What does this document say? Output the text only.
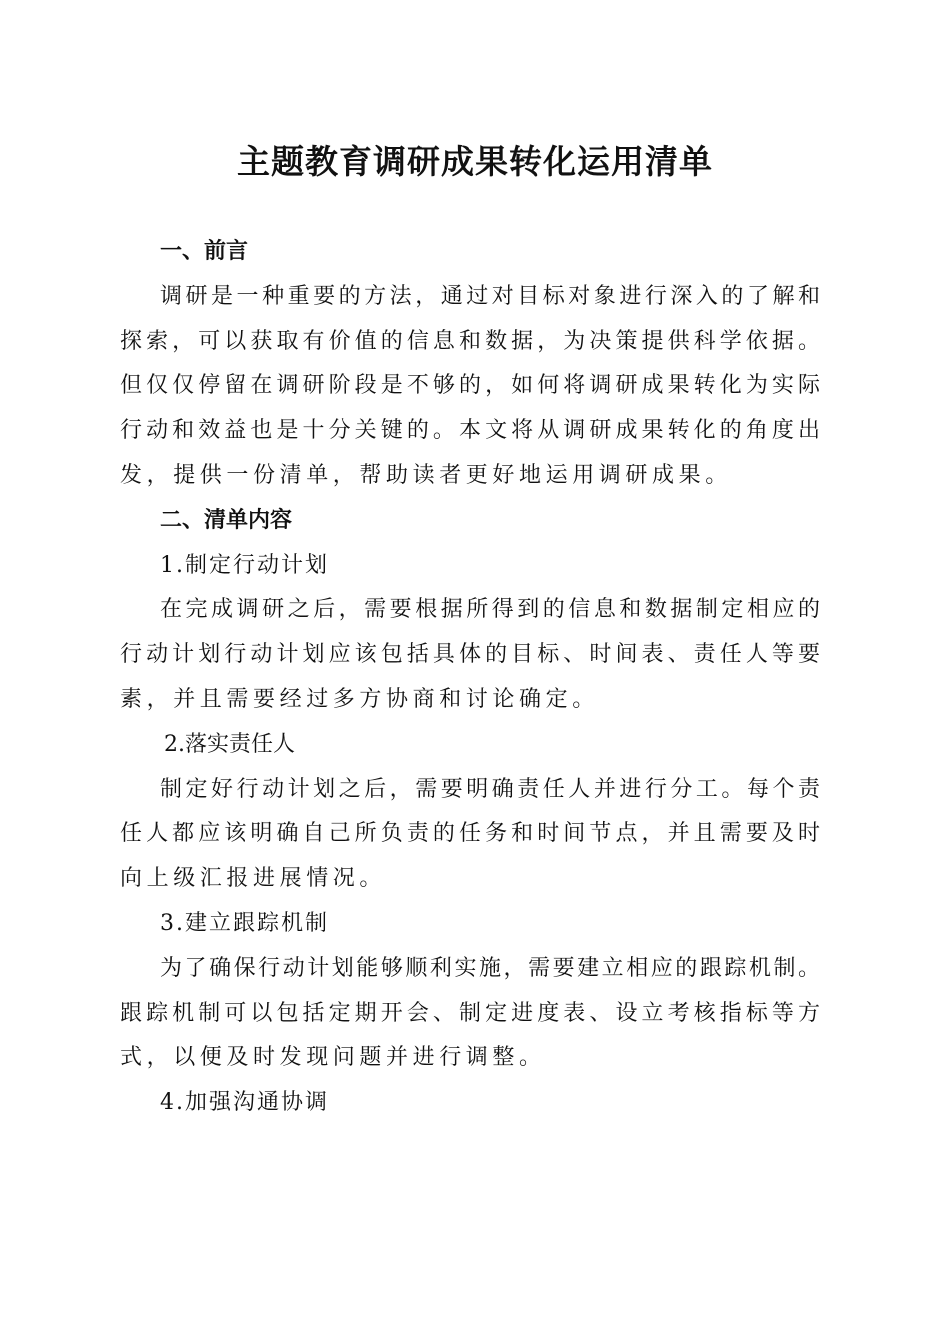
主题教育调研成果转化运用清单
一、前言
调研是一种重要的方法，通过对目标对象进行深入的了解和
探索，可以获取有价值的信息和数据，为决策提供科学依据。
但仅仅停留在调研阶段是不够的，如何将调研成果转化为实际
行动和效益也是十分关键的。本文将从调研成果转化的角度出
发，提供一份清单，帮助读者更好地运用调研成果。
二、清单内容
1.制定行动计划
在完成调研之后，需要根据所得到的信息和数据制定相应的
行动计划行动计划应该包括具体的目标、时间表、责任人等要
素，并且需要经过多方协商和讨论确定。
2.落实责任人
制定好行动计划之后，需要明确责任人并进行分工。每个责
任人都应该明确自己所负责的任务和时间节点，并且需要及时
向上级汇报进展情况。
3.建立跟踪机制
为了确保行动计划能够顺利实施，需要建立相应的跟踪机制。
跟踪机制可以包括定期开会、制定进度表、设立考核指标等方
式，以便及时发现问题并进行调整。
4.加强沟通协调
